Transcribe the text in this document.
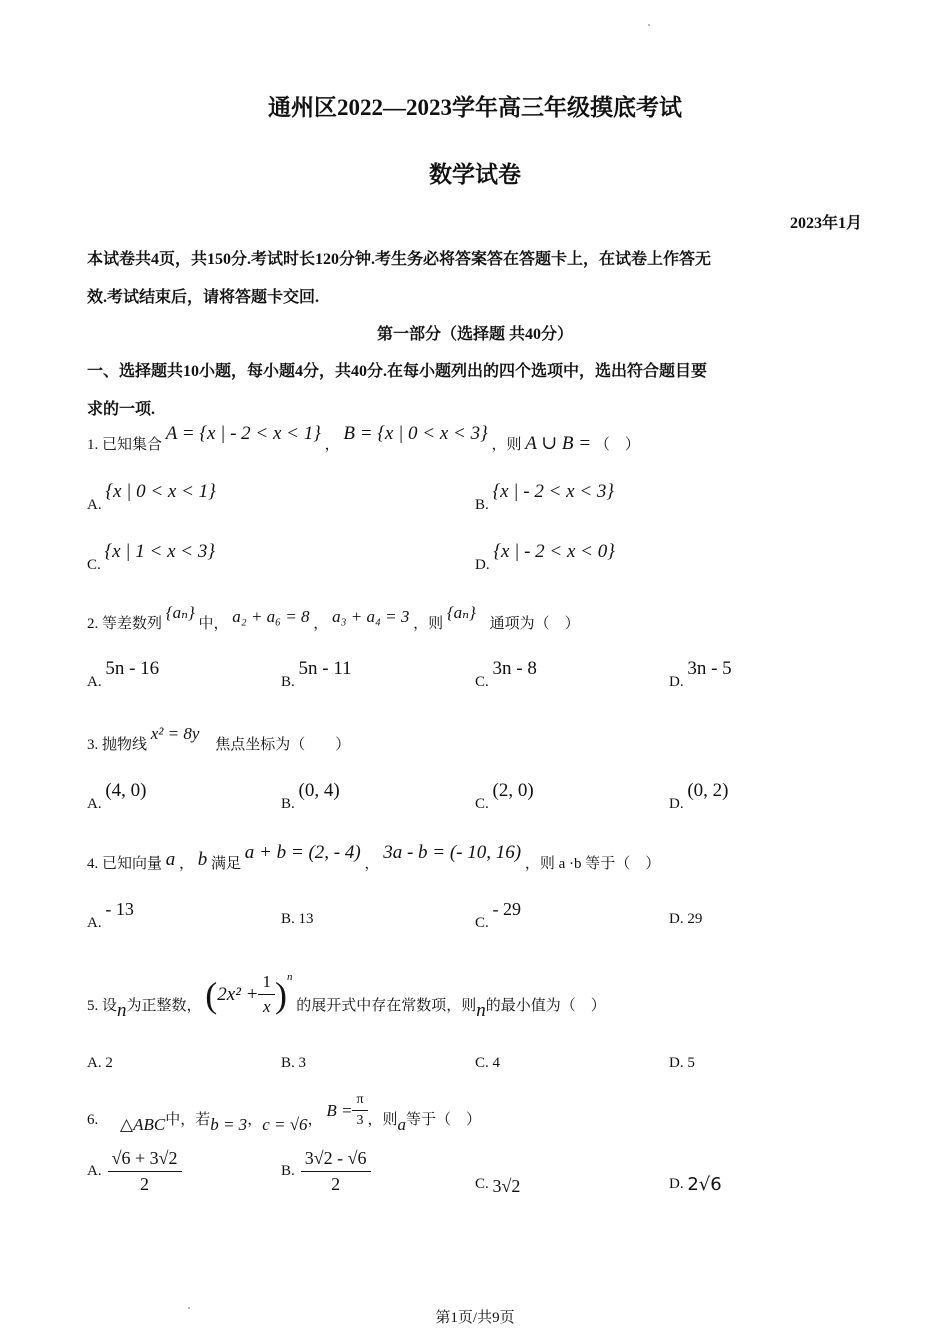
通州区2022—2023学年高三年级摸底考试
数学试卷
2023年1月
本试卷共4页，共150分.考试时长120分钟.考生务必将答案答在答题卡上，在试卷上作答无
效.考试结束后，请将答题卡交回.
第一部分（选择题 共40分）
一、选择题共10小题，每小题4分，共40分.在每小题列出的四个选项中，选出符合题目要
求的一项.
1. 已知集合 A = {x | - 2 < x < 1} ， B = {x | 0 < x < 3} ，则 A ∪ B = （　）
A. {x | 0 < x < 1}
B. {x | - 2 < x < 3}
C. {x | 1 < x < 3}
D. {x | - 2 < x < 0}
2. 等差数列 {aₙ} 中， a₂ + a₆ = 8 ， a₃ + a₄ = 3 ，则 {aₙ} 通项为（　）
A. 5n - 16
B. 5n - 11
C. 3n - 8
D. 3n - 5
3. 抛物线 x² = 8y 焦点坐标为（　　）
A. (4, 0)
B. (0, 4)
C. (2, 0)
D. (0, 2)
4. 已知向量 a ， b 满足 a + b = (2, - 4) ， 3a - b = (- 10, 16) ，则 a ·b 等于（　）
A. - 13	B. 13	C. - 29	D. 29
5. 设n为正整数， ( $2x^2 + \frac{1}{x}$ ) n
的展开式中存在常数项，则n的最小值为（　）
A. 2	B. 3	C. 4	D. 5
6. △ABC中，若b = 3，c = √6，
$B = \frac{\pi}{3}$ ，则a等于（　）
A. $\frac{√6 + 3√2}{2}$	B. $\frac{3√2 - √6}{2}$	C. 3√2	D. 2√6
第1页/共9页
